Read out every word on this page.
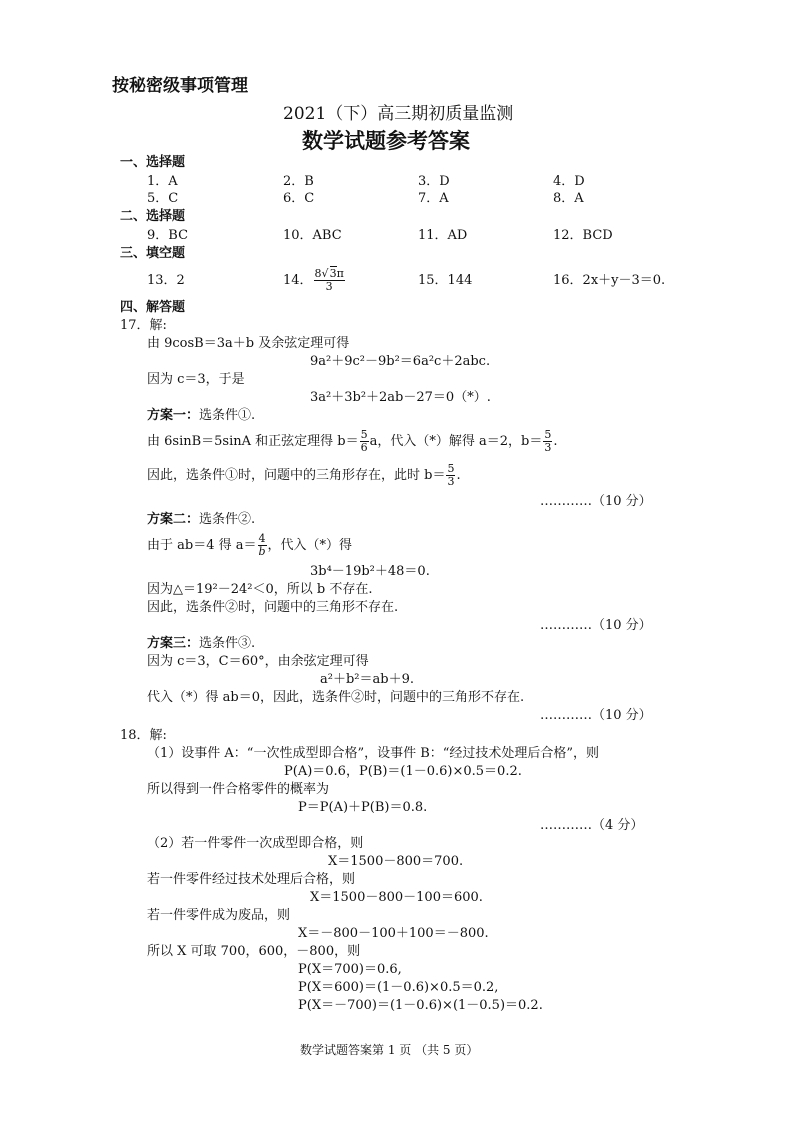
按秘密级事项管理
2021（下）高三期初质量监测
数学试题参考答案
一、选择题
1．A	2．B	3．D	4．D
5．C	6．C	7．A	8．A
二、选择题
9．BC	10．ABC	11．AD	12．BCD
三、填空题
13．2	14． $\frac{8√3\pi}{3}$	15．144	16．2x＋y－3＝0.
四、解答题
17．解:
由 9cosB＝3a＋b 及余弦定理可得
9a²＋9c²－9b²＝6a²c＋2abc.
因为 c＝3，于是
3a²＋3b²＋2ab－27＝0（*）.
方案一：选条件①.
由 6sinB＝5sinA 和正弦定理得 $b= \frac{5}{6}$ a，代入（*）解得 a＝2，$b= \frac{5}{3}$ .
因此，选条件①时，问题中的三角形存在，此时 $b= \frac{5}{3}$ .
…………（10 分）
方案二：选条件②.
由于 ab＝4 得 $a= \frac{4}{b}$ ，代入（*）得
3b⁴－19b²＋48＝0.
因为△＝19²－24²＜0，所以 b 不存在.
因此，选条件②时，问题中的三角形不存在.
…………（10 分）
方案三：选条件③.
因为 c＝3，C＝60°，由余弦定理可得
a²＋b²＝ab＋9.
代入（*）得 ab＝0，因此，选条件②时，问题中的三角形不存在.
…………（10 分）
18．解:
（1）设事件 A：“一次性成型即合格”，设事件 B：“经过技术处理后合格”，则
P(A)＝0.6，P(B)＝(1－0.6)×0.5＝0.2.
所以得到一件合格零件的概率为
P＝P(A)＋P(B)＝0.8.
…………（4 分）
（2）若一件零件一次成型即合格，则
X＝1500－800＝700.
若一件零件经过技术处理后合格，则
X＝1500－800－100＝600.
若一件零件成为废品，则
X＝－800－100＋100＝－800.
所以 X 可取 700，600，－800，则
P(X＝700)＝0.6,
P(X＝600)＝(1－0.6)×0.5＝0.2,
P(X＝－700)＝(1－0.6)×(1－0.5)＝0.2.
数学试题答案第 1 页 （共 5 页）
